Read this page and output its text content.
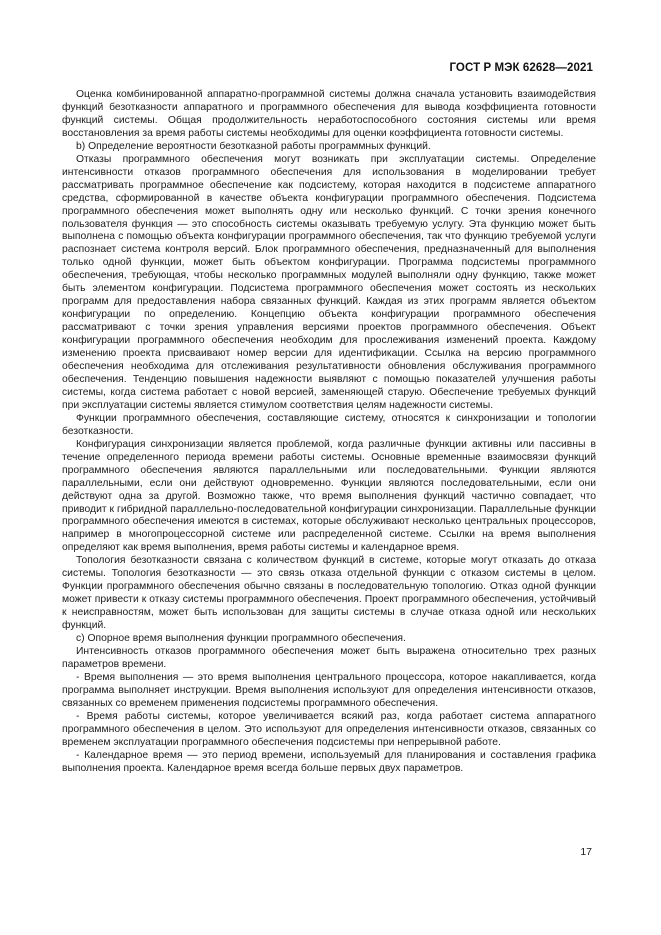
ГОСТ Р МЭК 62628—2021

Оценка комбинированной аппаратно-программной системы должна сначала установить взаимодействия функций безотказности аппаратного и программного обеспечения для вывода коэффициента готовности функций системы. Общая продолжительность неработоспособного состояния системы или время восстановления за время работы системы необходимы для оценки коэффициента готовности системы.

b) Определение вероятности безотказной работы программных функций.

Отказы программного обеспечения могут возникать при эксплуатации системы. Определение интенсивности отказов программного обеспечения для использования в моделировании требует рассматривать программное обеспечение как подсистему, которая находится в подсистеме аппаратного средства, сформированной в качестве объекта конфигурации программного обеспечения. Подсистема программного обеспечения может выполнять одну или несколько функций. С точки зрения конечного пользователя функция — это способность системы оказывать требуемую услугу. Эта функцию может быть выполнена с помощью объекта конфигурации программного обеспечения, так что функцию требуемой услуги распознает система контроля версий. Блок программного обеспечения, предназначенный для выполнения только одной функции, может быть объектом конфигурации. Программа подсистемы программного обеспечения, требующая, чтобы несколько программных модулей выполняли одну функцию, также может быть элементом конфигурации. Подсистема программного обеспечения может состоять из нескольких программ для предоставления набора связанных функций. Каждая из этих программ является объектом конфигурации по определению. Концепцию объекта конфигурации программного обеспечения рассматривают с точки зрения управления версиями проектов программного обеспечения. Объект конфигурации программного обеспечения необходим для прослеживания изменений проекта. Каждому изменению проекта присваивают номер версии для идентификации. Ссылка на версию программного обеспечения необходима для отслеживания результативности обновления обслуживания программного обеспечения. Тенденцию повышения надежности выявляют с помощью показателей улучшения работы системы, когда система работает с новой версией, заменяющей старую. Обеспечение требуемых функций при эксплуатации системы является стимулом соответствия целям надежности системы.

Функции программного обеспечения, составляющие систему, относятся к синхронизации и топологии безотказности.

Конфигурация синхронизации является проблемой, когда различные функции активны или пассивны в течение определенного периода времени работы системы. Основные временные взаимосвязи функций программного обеспечения являются параллельными или последовательными. Функции являются параллельными, если они действуют одновременно. Функции являются последовательными, если они действуют одна за другой. Возможно также, что время выполнения функций частично совпадает, что приводит к гибридной параллельно-последовательной конфигурации синхронизации. Параллельные функции программного обеспечения имеются в системах, которые обслуживают несколько центральных процессоров, например в многопроцессорной системе или распределенной системе. Ссылки на время выполнения определяют как время выполнения, время работы системы и календарное время.

Топология безотказности связана с количеством функций в системе, которые могут отказать до отказа системы. Топология безотказности — это связь отказа отдельной функции с отказом системы в целом. Функции программного обеспечения обычно связаны в последовательную топологию. Отказ одной функции может привести к отказу системы программного обеспечения. Проект программного обеспечения, устойчивый к неисправностям, может быть использован для защиты системы в случае отказа одной или нескольких функций.

c) Опорное время выполнения функции программного обеспечения.

Интенсивность отказов программного обеспечения может быть выражена относительно трех разных параметров времени.

- Время выполнения — это время выполнения центрального процессора, которое накапливается, когда программа выполняет инструкции. Время выполнения используют для определения интенсивности отказов, связанных со временем применения подсистемы программного обеспечения.

- Время работы системы, которое увеличивается всякий раз, когда работает система аппаратного программного обеспечения в целом. Это используют для определения интенсивности отказов, связанных со временем эксплуатации программного обеспечения подсистемы при непрерывной работе.

- Календарное время — это период времени, используемый для планирования и составления графика выполнения проекта. Календарное время всегда больше первых двух параметров.

17
